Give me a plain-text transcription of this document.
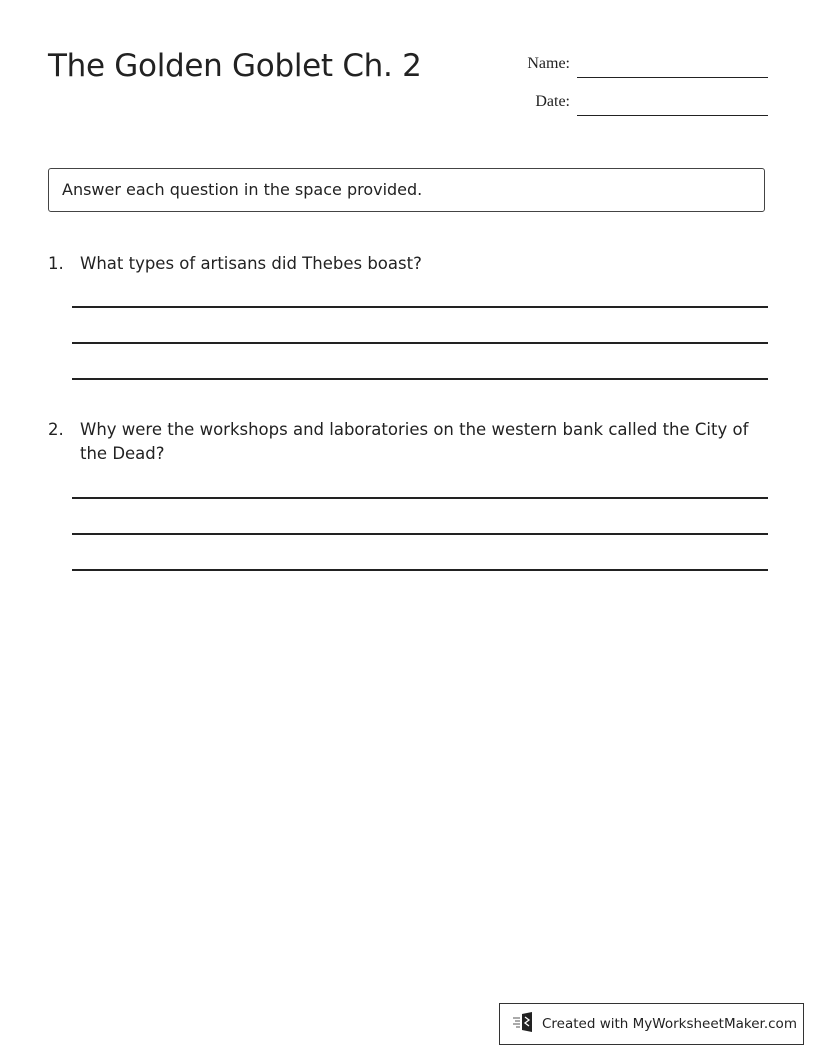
The Golden Goblet Ch. 2	Name:
Date:
Answer each question in the space provided.
1. What types of artisans did Thebes boast?
2. Why were the workshops and laboratories on the western bank called the City of the Dead?
Created with MyWorksheetMaker.com
